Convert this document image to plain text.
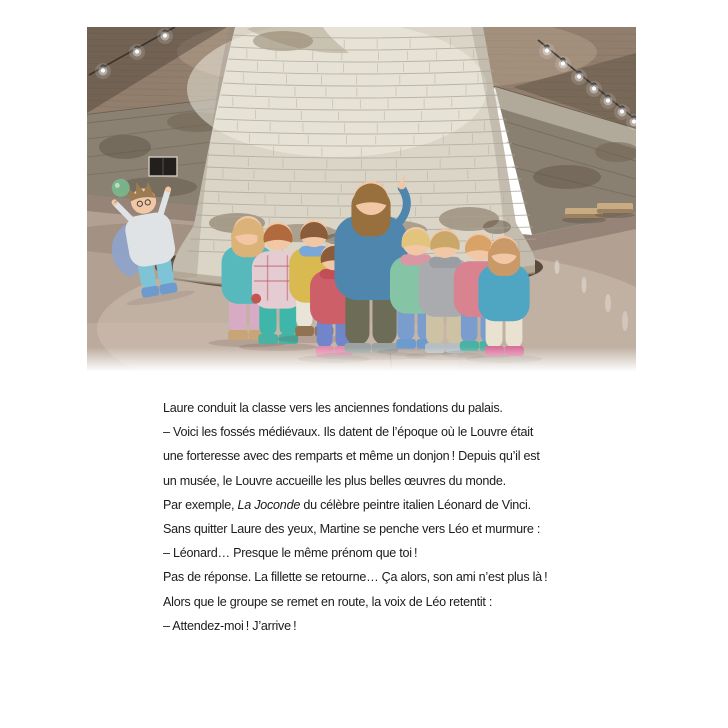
Laure conduit la classe vers les anciennes fondations du palais.
– Voici les fossés médiévaux. Ils datent de l’époque où le Louvre était
une forteresse avec des remparts et même un donjon ! Depuis qu’il est
un musée, le Louvre accueille les plus belles œuvres du monde.
Par exemple, La Joconde du célèbre peintre italien Léonard de Vinci.
Sans quitter Laure des yeux, Martine se penche vers Léo et murmure :
– Léonard… Presque le même prénom que toi !
Pas de réponse. La fillette se retourne… Ça alors, son ami n’est plus là !
Alors que le groupe se remet en route, la voix de Léo retentit :
– Attendez-moi ! J’arrive !
